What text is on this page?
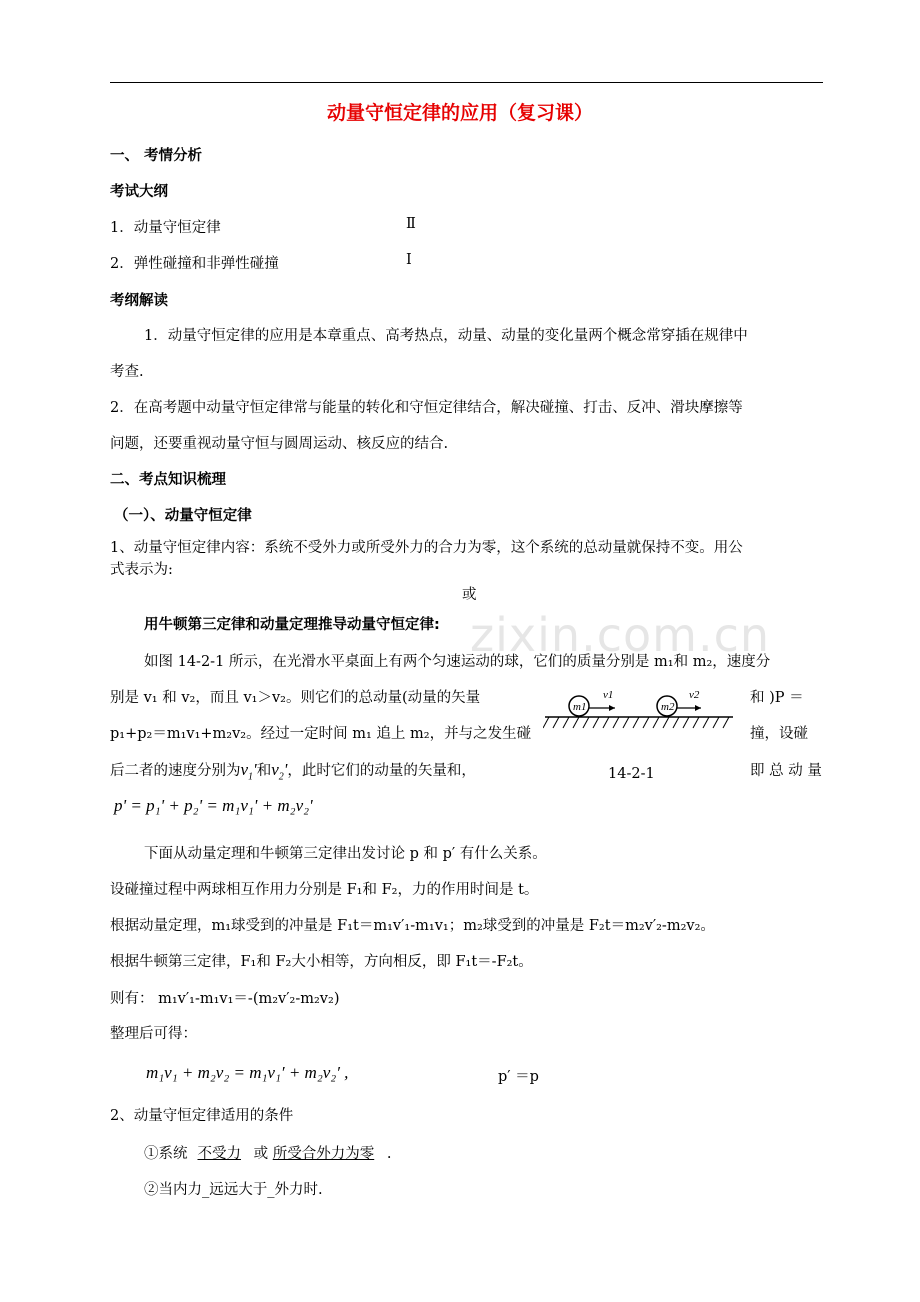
zixin.com.cn
动量守恒定律的应用（复习课）
一、 考情分析
考试大纲
1．动量守恒定律	Ⅱ
2．弹性碰撞和非弹性碰撞	Ⅰ
考纲解读
1．动量守恒定律的应用是本章重点、高考热点，动量、动量的变化量两个概念常穿插在规律中
考查.
2．在高考题中动量守恒定律常与能量的转化和守恒定律结合，解决碰撞、打击、反冲、滑块摩擦等
问题，还要重视动量守恒与圆周运动、核反应的结合.
二、考点知识梳理
（一）、动量守恒定律
1、动量守恒定律内容：系统不受外力或所受外力的合力为零，这个系统的总动量就保持不变。用公
式表示为:
或
用牛顿第三定律和动量定理推导动量守恒定律:
如图 14-2-1 所示，在光滑水平桌面上有两个匀速运动的球，它们的质量分别是 m₁和 m₂，速度分
别是 v₁ 和 v₂，而且 v₁＞v₂。则它们的总动量(动量的矢量	和 )P ＝
p₁+p₂＝m₁v₁+m₂v₂。经过一定时间 m₁ 追上 m₂，并与之发生碰	撞，设碰
后二者的速度分别为$v_1'$和$v_2'$，此时它们的动量的矢量和，	即 总 动 量
m1
v1
m2
v2
14-2-1
p' = p₁' + p₂' = m₁v₁' + m₂v₂'
下面从动量定理和牛顿第三定律出发讨论 p 和 p′ 有什么关系。
设碰撞过程中两球相互作用力分别是 F₁和 F₂，力的作用时间是 t。
根据动量定理，m₁球受到的冲量是 F₁t＝m₁v′₁-m₁v₁；m₂球受到的冲量是 F₂t＝m₂v′₂-m₂v₂。
根据牛顿第三定律，F₁和 F₂大小相等，方向相反，即 F₁t＝-F₂t。
则有： m₁v′₁-m₁v₁＝-(m₂v′₂-m₂v₂)
整理后可得：
m₁v₁ + m₂v₂ = m₁v₁′ + m₂v₂′ ,	p′ ＝p
2、动量守恒定律适用的条件
①系统 不受力 或 所受合外力为零 .
②当内力_远远大于_外力时.
